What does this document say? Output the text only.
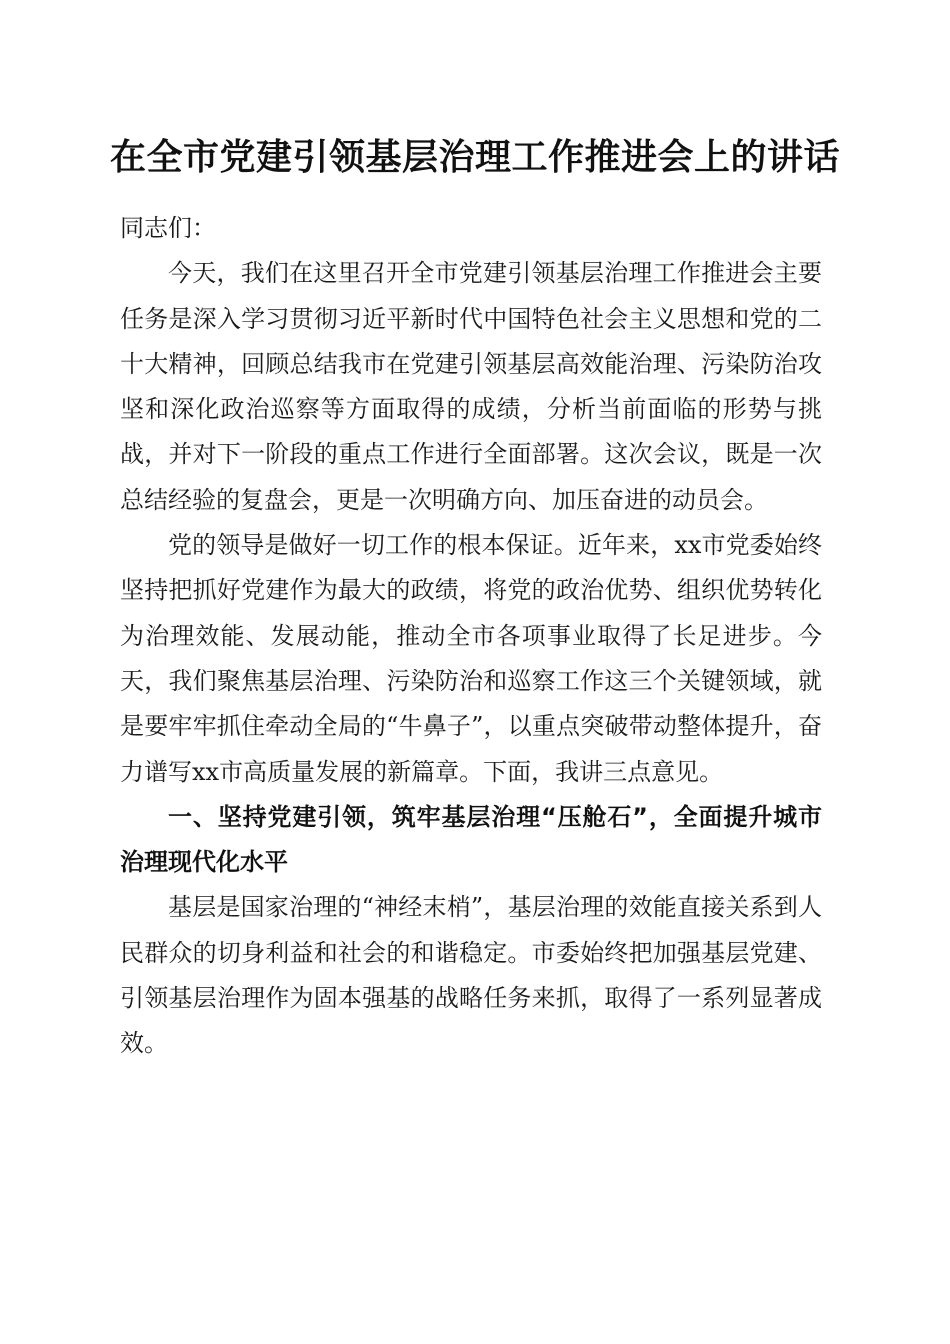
在全市党建引领基层治理工作推进会上的讲话

同志们：

今天，我们在这里召开全市党建引领基层治理工作推进会主要任务是深入学习贯彻习近平新时代中国特色社会主义思想和党的二十大精神，回顾总结我市在党建引领基层高效能治理、污染防治攻坚和深化政治巡察等方面取得的成绩，分析当前面临的形势与挑战，并对下一阶段的重点工作进行全面部署。这次会议，既是一次总结经验的复盘会，更是一次明确方向、加压奋进的动员会。

党的领导是做好一切工作的根本保证。近年来，xx市党委始终坚持把抓好党建作为最大的政绩，将党的政治优势、组织优势转化为治理效能、发展动能，推动全市各项事业取得了长足进步。今天，我们聚焦基层治理、污染防治和巡察工作这三个关键领域，就是要牢牢抓住牵动全局的“牛鼻子”，以重点突破带动整体提升，奋力谱写xx市高质量发展的新篇章。下面，我讲三点意见。

一、坚持党建引领，筑牢基层治理“压舱石”，全面提升城市治理现代化水平

基层是国家治理的“神经末梢”，基层治理的效能直接关系到人民群众的切身利益和社会的和谐稳定。市委始终把加强基层党建、引领基层治理作为固本强基的战略任务来抓，取得了一系列显著成效。
